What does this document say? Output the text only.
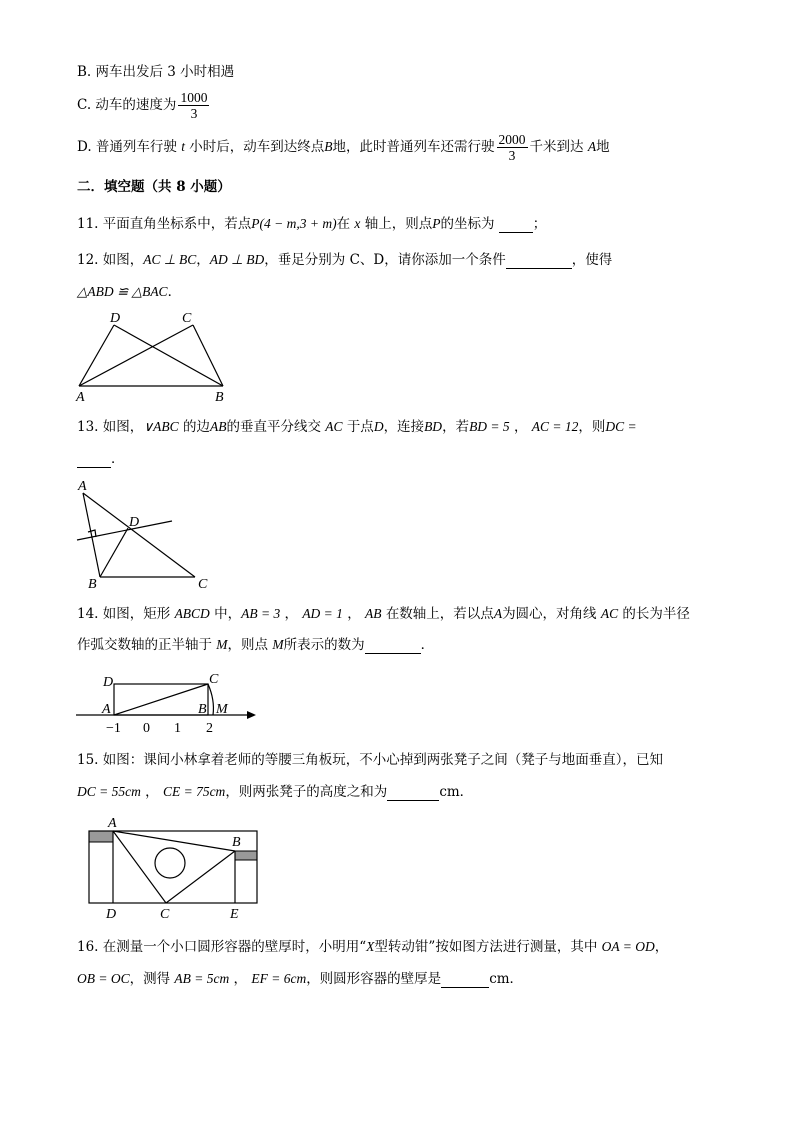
B. 两车出发后 3 小时相遇
C. 动车的速度为 $\frac{1000}{3}$
D. 普通列车行驶 t 小时后，动车到达终点B地，此时普通列车还需行驶 $\frac{2000}{3}$ 千米到达 A地
二．填空题（共 8 小题）
11. 平面直角坐标系中，若点P(4 − m,3 + m)在 x 轴上，则点P的坐标为	；
12. 如图，AC ⊥ BC，AD ⊥ BD，垂足分别为 C、D，请你添加一个条件	，使得
△ABD ≌ △BAC．
D	C
A	B
13. 如图，∨ABC 的边AB的垂直平分线交 AC 于点D，连接BD，若BD = 5 ， AC = 12，则DC =
．
A
D
B	C
14. 如图，矩形 ABCD 中，AB = 3 ， AD = 1 ， AB 在数轴上，若以点A为圆心，对角线 AC 的长为半径
作弧交数轴的正半轴于 M，则点 M所表示的数为	．
D	C
A	B M
−1 0 1 2
15. 如图：课间小林拿着老师的等腰三角板玩，不小心掉到两张凳子之间（凳子与地面垂直），已知
DC = 55cm ， CE = 75cm，则两张凳子的高度之和为	cm．
A
B
D	C	E
16. 在测量一个小口圆形容器的壁厚时，小明用“X型转动钳”按如图方法进行测量，其中 OA = OD，
OB = OC，测得 AB = 5cm ， EF = 6cm，则圆形容器的壁厚是	cm．
